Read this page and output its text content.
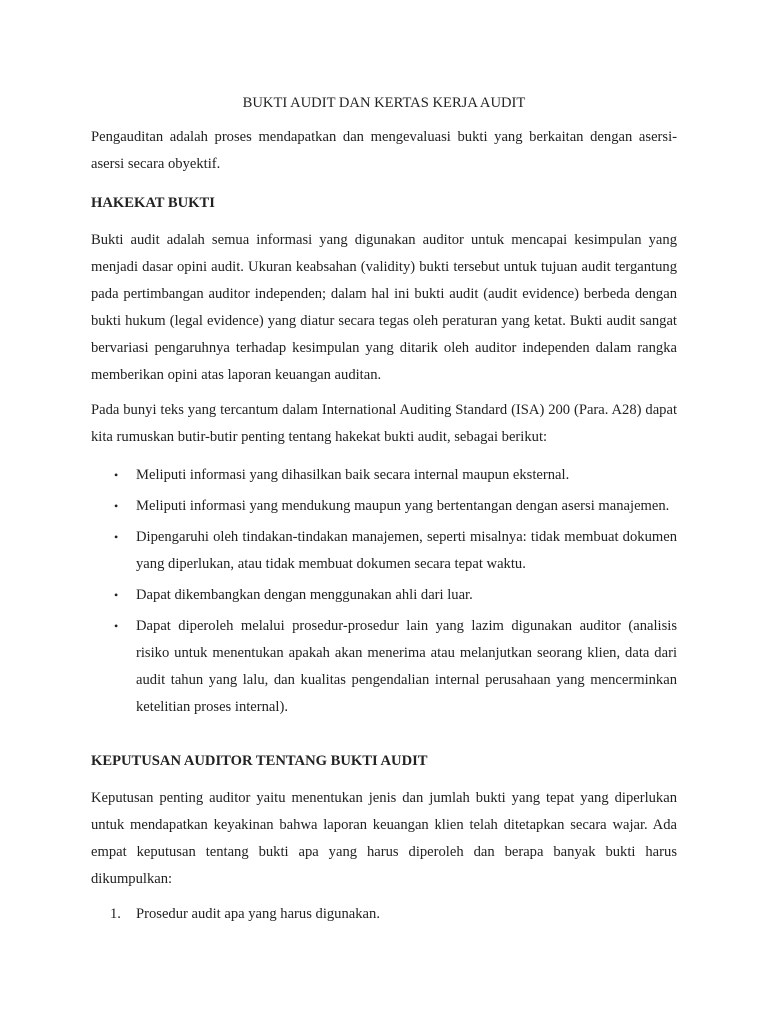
BUKTI AUDIT DAN KERTAS KERJA AUDIT

Pengauditan adalah proses mendapatkan dan mengevaluasi bukti yang berkaitan dengan asersi-asersi secara obyektif.

HAKEKAT BUKTI

Bukti audit adalah semua informasi yang digunakan auditor untuk mencapai kesimpulan yang menjadi dasar opini audit. Ukuran keabsahan (validity) bukti tersebut untuk tujuan audit tergantung pada pertimbangan auditor independen; dalam hal ini bukti audit (audit evidence) berbeda dengan bukti hukum (legal evidence) yang diatur secara tegas oleh peraturan yang ketat. Bukti audit sangat bervariasi pengaruhnya terhadap kesimpulan yang ditarik oleh auditor independen dalam rangka memberikan opini atas laporan keuangan auditan.

Pada bunyi teks yang tercantum dalam International Auditing Standard (ISA) 200 (Para. A28) dapat kita rumuskan butir-butir penting tentang hakekat bukti audit, sebagai berikut:

• Meliputi informasi yang dihasilkan baik secara internal maupun eksternal.
• Meliputi informasi yang mendukung maupun yang bertentangan dengan asersi manajemen.
• Dipengaruhi oleh tindakan-tindakan manajemen, seperti misalnya: tidak membuat dokumen yang diperlukan, atau tidak membuat dokumen secara tepat waktu.
• Dapat dikembangkan dengan menggunakan ahli dari luar.
• Dapat diperoleh melalui prosedur-prosedur lain yang lazim digunakan auditor (analisis risiko untuk menentukan apakah akan menerima atau melanjutkan seorang klien, data dari audit tahun yang lalu, dan kualitas pengendalian internal perusahaan yang mencerminkan ketelitian proses internal).
KEPUTUSAN AUDITOR TENTANG BUKTI AUDIT

Keputusan penting auditor yaitu menentukan jenis dan jumlah bukti yang tepat yang diperlukan untuk mendapatkan keyakinan bahwa laporan keuangan klien telah ditetapkan secara wajar. Ada empat keputusan tentang bukti apa yang harus diperoleh dan berapa banyak bukti harus dikumpulkan:

1. Prosedur audit apa yang harus digunakan.
